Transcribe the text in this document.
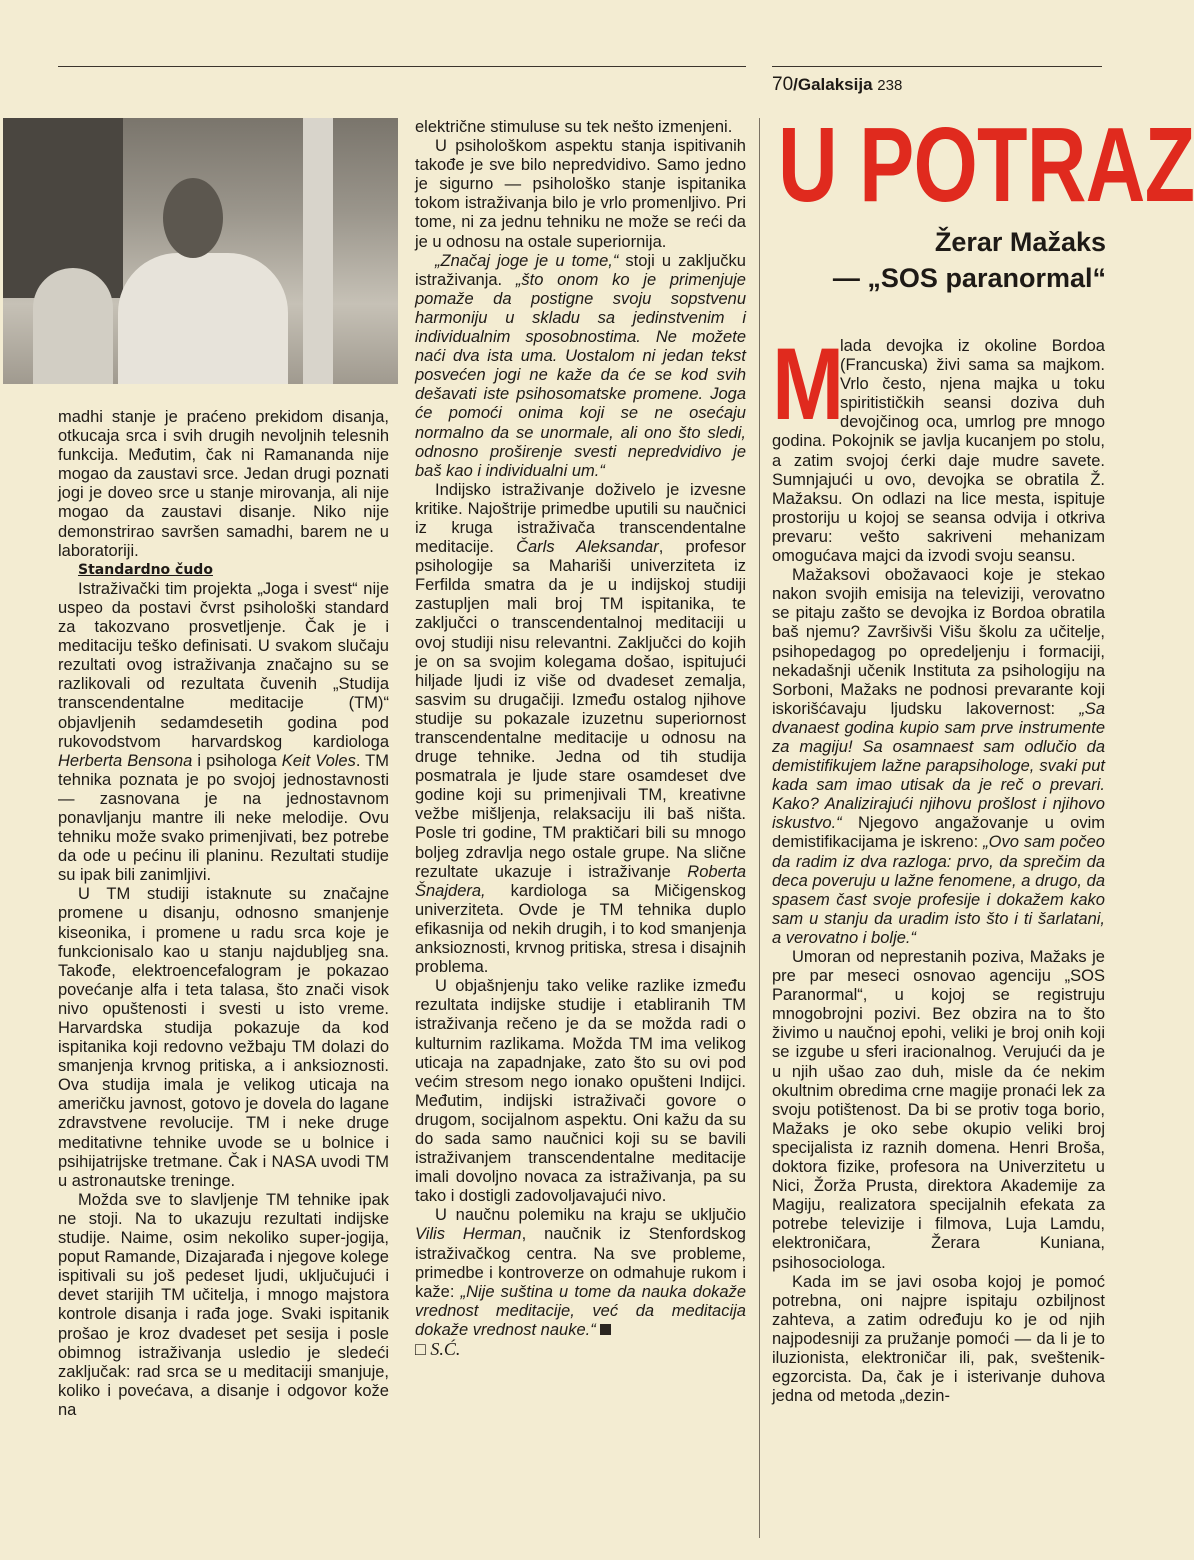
70/Galaksija 238

madhi stanje je praćeno prekidom disanja, otkucaja srca i svih drugih nevoljnih telesnih funkcija. Međutim, čak ni Ramananda nije mogao da zaustavi srce. Jedan drugi poznati jogi je doveo srce u stanje mirovanja, ali nije mogao da zaustavi disanje. Niko nije demonstrirao savršen samadhi, barem ne u laboratoriji.

Standardno čudo

Istraživački tim projekta „Joga i svest“ nije uspeo da postavi čvrst psihološki standard za takozvano prosvetljenje. Čak je i meditaciju teško definisati. U svakom slučaju rezultati ovog istraživanja značajno su se razlikovali od rezultata čuvenih „Studija transcendentalne meditacije (TM)“ objavljenih sedamdesetih godina pod rukovodstvom harvardskog kardiologa Herberta Bensona i psihologa Keit Voles. TM tehnika poznata je po svojoj jednostavnosti — zasnovana je na jednostavnom ponavljanju mantre ili neke melodije. Ovu tehniku može svako primenjivati, bez potrebe da ode u pećinu ili planinu. Rezultati studije su ipak bili zanimljivi.

U TM studiji istaknute su značajne promene u disanju, odnosno smanjenje kiseonika, i promene u radu srca koje je funkcionisalo kao u stanju najdubljeg sna. Takođe, elektroencefalogram je pokazao povećanje alfa i teta talasa, što znači visok nivo opuštenosti i svesti u isto vreme. Harvardska studija pokazuje da kod ispitanika koji redovno vežbaju TM dolazi do smanjenja krvnog pritiska, a i anksioznosti. Ova studija imala je velikog uticaja na američku javnost, gotovo je dovela do lagane zdravstvene revolucije. TM i neke druge meditativne tehnike uvode se u bolnice i psihijatrijske tretmane. Čak i NASA uvodi TM u astronautske treninge.

Možda sve to slavljenje TM tehnike ipak ne stoji. Na to ukazuju rezultati indijske studije. Naime, osim nekoliko super-jogija, poput Ramande, Dizajarađa i njegove kolege ispitivali su još pedeset ljudi, uključujući i devet starijih TM učitelja, i mnogo majstora kontrole disanja i rađa joge. Svaki ispitanik prošao je kroz dvadeset pet sesija i posle obimnog istraživanja usledio je sledeći zaključak: rad srca se u meditaciji smanjuje, koliko i povećava, a disanje i odgovor kože na

električne stimuluse su tek nešto izmenjeni.

U psihološkom aspektu stanja ispitivanih takođe je sve bilo nepredvidivo. Samo jedno je sigurno — psihološko stanje ispitanika tokom istraživanja bilo je vrlo promenljivo. Pri tome, ni za jednu tehniku ne može se reći da je u odnosu na ostale superiornija.

„Značaj joge je u tome,“ stoji u zaključku istraživanja. „što onom ko je primenjuje pomaže da postigne svoju sopstvenu harmoniju u skladu sa jedinstvenim i individualnim sposobnostima. Ne možete naći dva ista uma. Uostalom ni jedan tekst posvećen jogi ne kaže da će se kod svih dešavati iste psihosomatske promene. Joga će pomoći onima koji se ne osećaju normalno da se unormale, ali ono što sledi, odnosno proširenje svesti nepredvidivo je baš kao i individualni um.“

Indijsko istraživanje doživelo je izvesne kritike. Najoštrije primedbe uputili su naučnici iz kruga istraživača transcendentalne meditacije. Čarls Aleksandar, profesor psihologije sa Mahariši univerziteta iz Ferfilda smatra da je u indijskoj studiji zastupljen mali broj TM ispitanika, te zaključci o transcendentalnoj meditaciji u ovoj studiji nisu relevantni. Zaključci do kojih je on sa svojim kolegama došao, ispitujući hiljade ljudi iz više od dvadeset zemalja, sasvim su drugačiji. Između ostalog njihove studije su pokazale izuzetnu superiornost transcendentalne meditacije u odnosu na druge tehnike. Jedna od tih studija posmatrala je ljude stare osamdeset dve godine koji su primenjivali TM, kreativne vežbe mišljenja, relaksaciju ili baš ništa. Posle tri godine, TM praktičari bili su mnogo boljeg zdravlja nego ostale grupe. Na slične rezultate ukazuje i istraživanje Roberta Šnajdera, kardiologa sa Mičigenskog univerziteta. Ovde je TM tehnika duplo efikasnija od nekih drugih, i to kod smanjenja anksioznosti, krvnog pritiska, stresa i disajnih problema.

U objašnjenju tako velike razlike između rezultata indijske studije i etabliranih TM istraživanja rečeno je da se možda radi o kulturnim razlikama. Možda TM ima velikog uticaja na zapadnjake, zato što su ovi pod većim stresom nego ionako opušteni Indijci. Međutim, indijski istraživači govore o drugom, socijalnom aspektu. Oni kažu da su do sada samo naučnici koji su se bavili istraživanjem transcendentalne meditacije imali dovoljno novaca za istraživanja, pa su tako i dostigli zadovoljavajući nivo.

U naučnu polemiku na kraju se uključio Vilis Herman, naučnik iz Stenfordskog istraživačkog centra. Na sve probleme, primedbe i kontroverze on odmahuje rukom i kaže: „Nije suština u tome da nauka dokaže vrednost meditacije, već da meditacija dokaže vrednost nauke.“

□ S.Ć.

U POTRAZ
Žerar Mažaks
— „SOS paranormal“

M
lada devojka iz okoline Bordoa (Francuska) živi sama sa majkom. Vrlo često, njena majka u toku spiritističkih seansi doziva duh devojčinog oca, umrlog pre mnogo godina. Pokojnik se javlja kucanjem po stolu, a zatim svojoj ćerki daje mudre savete. Sumnjajući u ovo, devojka se obratila Ž. Mažaksu. On odlazi na lice mesta, ispituje prostoriju u kojoj se seansa odvija i otkriva prevaru: vešto sakriveni mehanizam omogućava majci da izvodi svoju seansu.

Mažaksovi obožavaoci koje je stekao nakon svojih emisija na televiziji, verovatno se pitaju zašto se devojka iz Bordoa obratila baš njemu? Završivši Višu školu za učitelje, psihopedagog po opredeljenju i formaciji, nekadašnji učenik Instituta za psihologiju na Sorboni, Mažaks ne podnosi prevarante koji iskorišćavaju ljudsku lakovernost: „Sa dvanaest godina kupio sam prve instrumente za magiju! Sa osamnaest sam odlučio da demistifikujem lažne parapsihologe, svaki put kada sam imao utisak da je reč o prevari. Kako? Analizirajući njihovu prošlost i njihovo iskustvo.“ Njegovo angažovanje u ovim demistifikacijama je iskreno: „Ovo sam počeo da radim iz dva razloga: prvo, da sprečim da deca poveruju u lažne fenomene, a drugo, da spasem čast svoje profesije i dokažem kako sam u stanju da uradim isto što i ti šarlatani, a verovatno i bolje.“

Umoran od neprestanih poziva, Mažaks je pre par meseci osnovao agenciju „SOS Paranormal“, u kojoj se registruju mnogobrojni pozivi. Bez obzira na to što živimo u naučnoj epohi, veliki je broj onih koji se izgube u sferi iracionalnog. Verujući da je u njih ušao zao duh, misle da će nekim okultnim obredima crne magije pronaći lek za svoju potištenost. Da bi se protiv toga borio, Mažaks je oko sebe okupio veliki broj specijalista iz raznih domena. Henri Broša, doktora fizike, profesora na Univerzitetu u Nici, Žorža Prusta, direktora Akademije za Magiju, realizatora specijalnih efekata za potrebe televizije i filmova, Luja Lamdu, elektroničara, Žerara Kuniana, psihosociologa.

Kada im se javi osoba kojoj je pomoć potrebna, oni najpre ispitaju ozbiljnost zahteva, a zatim određuju ko je od njih najpodesniji za pružanje pomoći — da li je to iluzionista, elektroničar ili, pak, sveštenik-egzorcista. Da, čak je i isterivanje duhova jedna od metoda „dezin-
